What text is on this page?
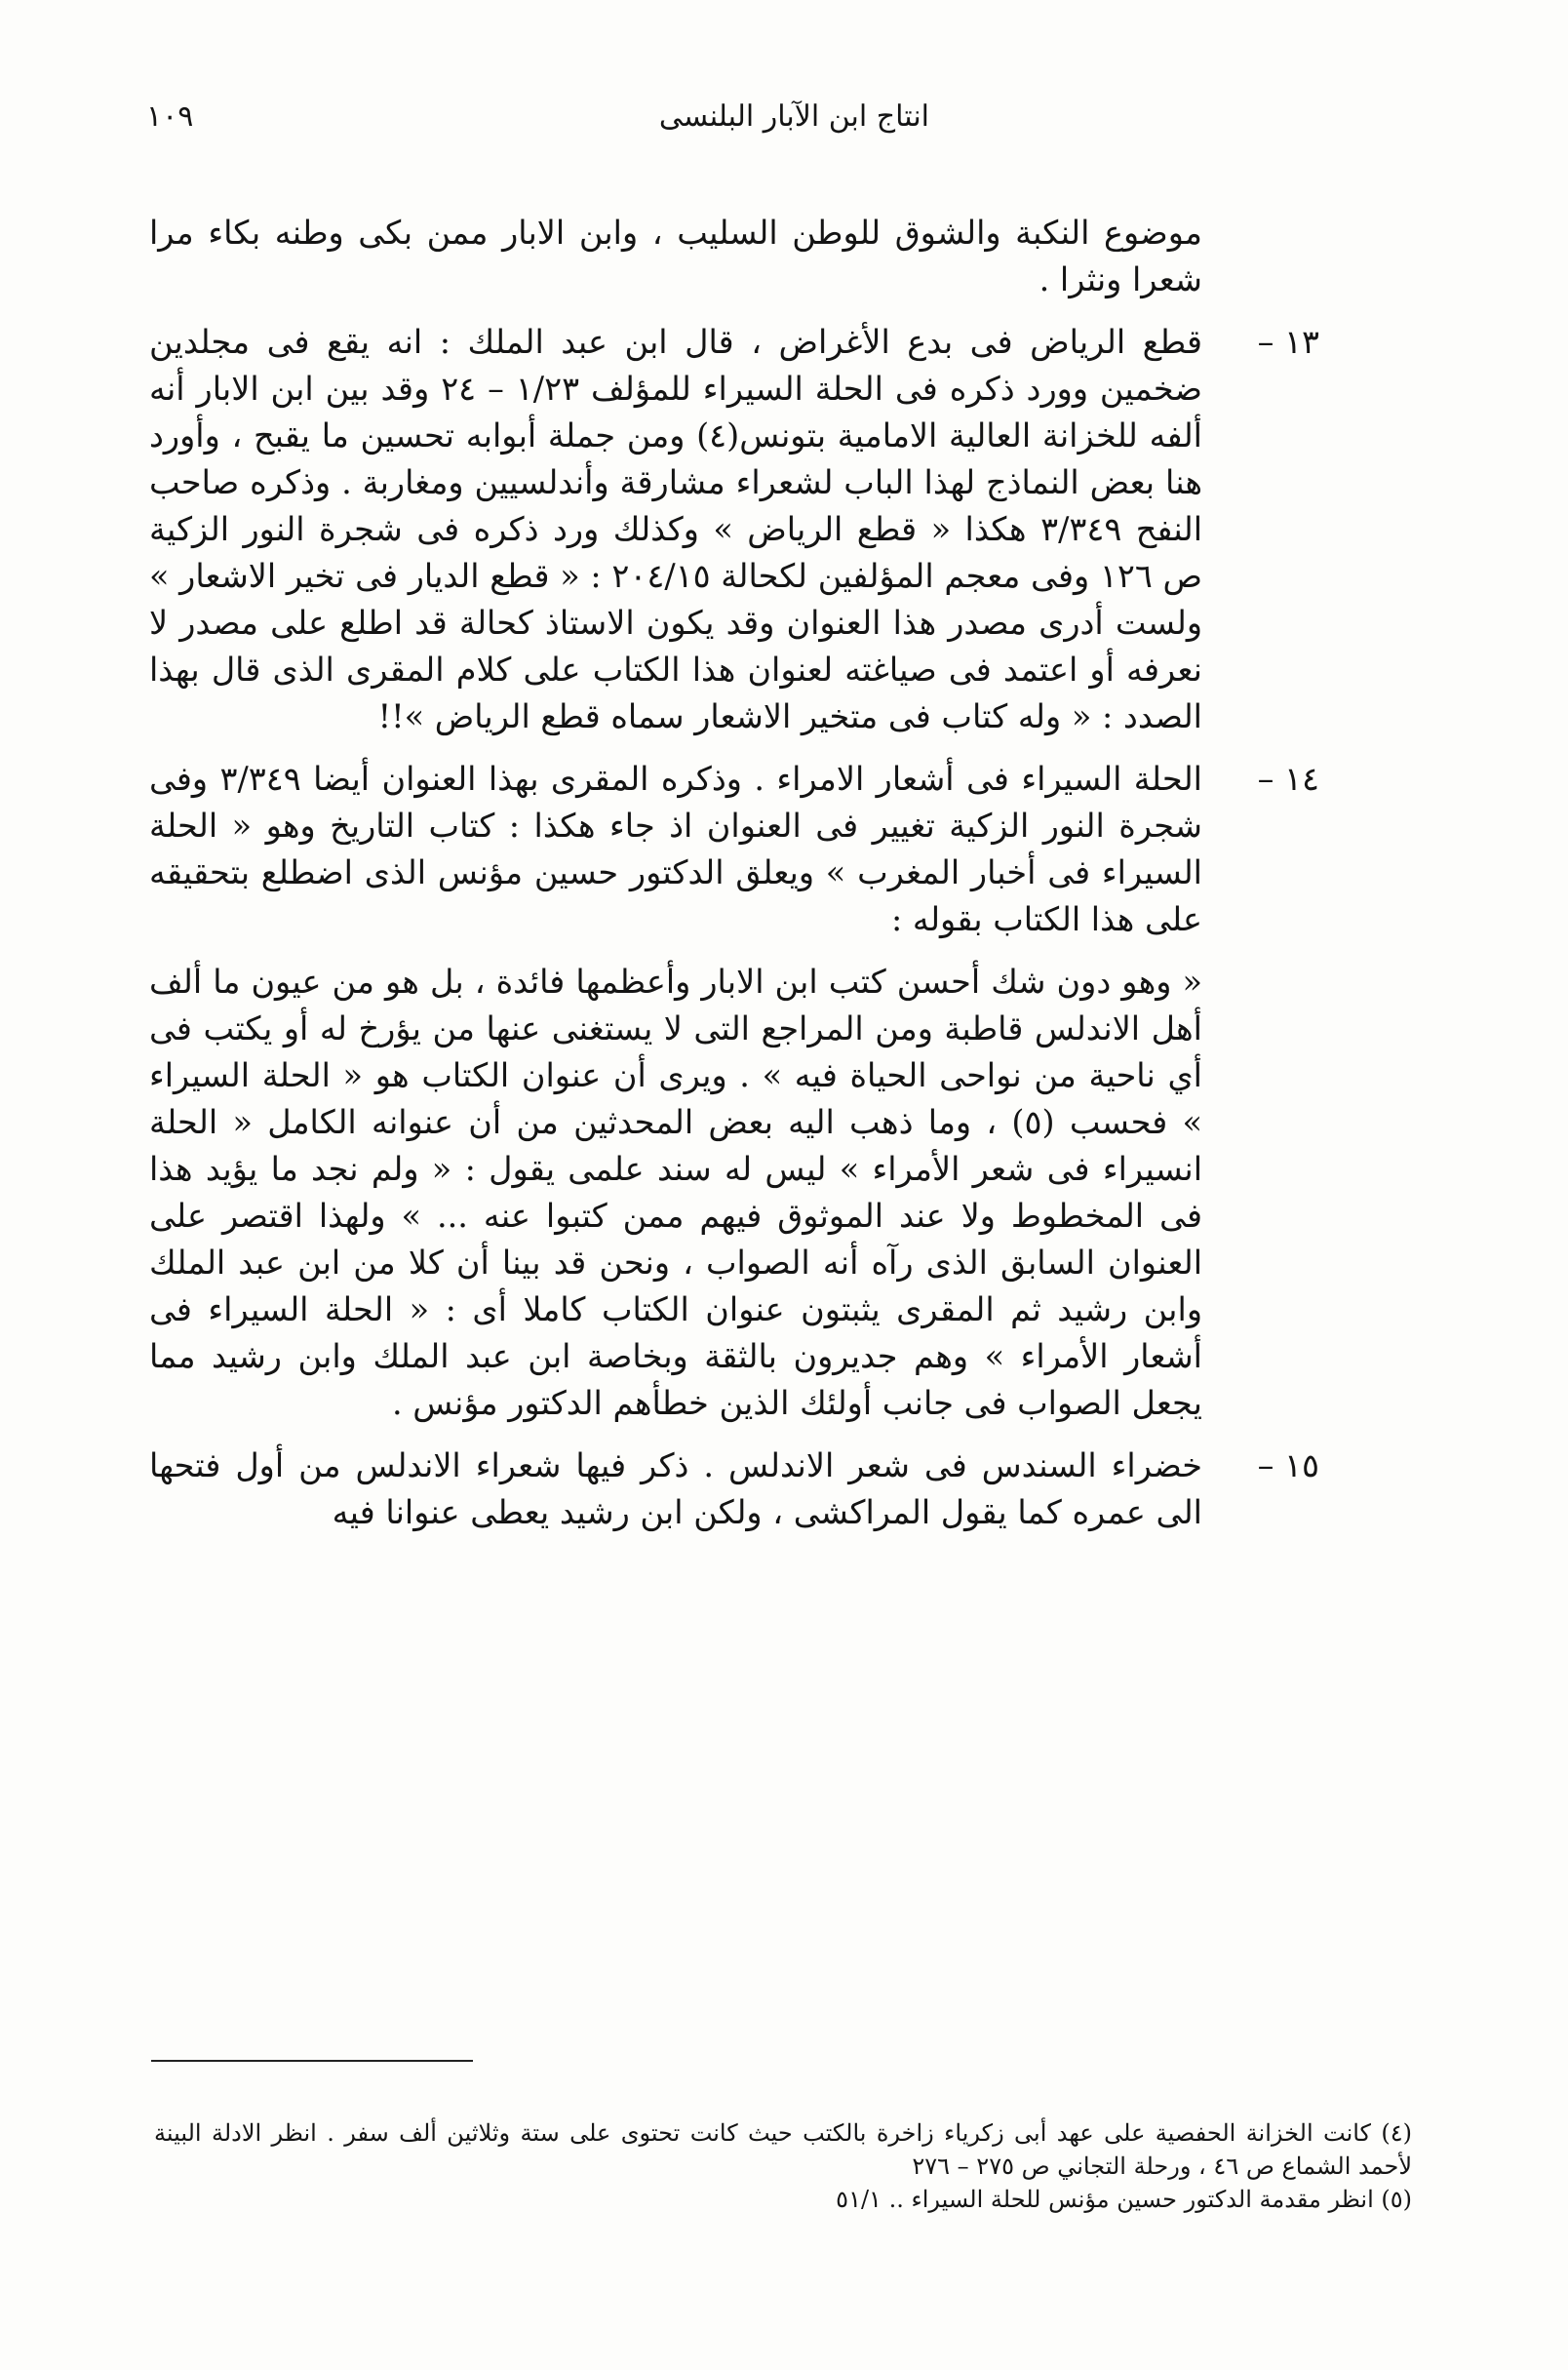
انتاج ابن الآبار البلنسى
١٠٩

موضوع النكبة والشوق للوطن السليب ، وابن الابار ممن بكى وطنه بكاء مرا شعرا ونثرا .

١٣ –
قطع الرياض فى بدع الأغراض ، قال ابن عبد الملك : انه يقع فى مجلدين ضخمين وورد ذكره فى الحلة السيراء للمؤلف ١/٢٣ – ٢٤ وقد بين ابن الابار أنه ألفه للخزانة العالية الامامية بتونس(٤) ومن جملة أبوابه تحسين ما يقبح ، وأورد هنا بعض النماذج لهذا الباب لشعراء مشارقة وأندلسيين ومغاربة . وذكره صاحب النفح ٣/٣٤٩ هكذا « قطع الرياض » وكذلك ورد ذكره فى شجرة النور الزكية ص ١٢٦ وفى معجم المؤلفين لكحالة ٢٠٤/١٥ : « قطع الديار فى تخير الاشعار » ولست أدرى مصدر هذا العنوان وقد يكون الاستاذ كحالة قد اطلع على مصدر لا نعرفه أو اعتمد فى صياغته لعنوان هذا الكتاب على كلام المقرى الذى قال بهذا الصدد : « وله كتاب فى متخير الاشعار سماه قطع الرياض »!!
١٤ –
الحلة السيراء فى أشعار الامراء . وذكره المقرى بهذا العنوان أيضا ٣/٣٤٩ وفى شجرة النور الزكية تغيير فى العنوان اذ جاء هكذا : كتاب التاريخ وهو « الحلة السيراء فى أخبار المغرب » ويعلق الدكتور حسين مؤنس الذى اضطلع بتحقيقه على هذا الكتاب بقوله :

« وهو دون شك أحسن كتب ابن الابار وأعظمها فائدة ، بل هو من عيون ما ألف أهل الاندلس قاطبة ومن المراجع التى لا يستغنى عنها من يؤرخ له أو يكتب فى أي ناحية من نواحى الحياة فيه » . ويرى أن عنوان الكتاب هو « الحلة السيراء » فحسب (٥) ، وما ذهب اليه بعض المحدثين من أن عنوانه الكامل « الحلة انسيراء فى شعر الأمراء » ليس له سند علمى يقول : « ولم نجد ما يؤيد هذا فى المخطوط ولا عند الموثوق فيهم ممن كتبوا عنه ... » ولهذا اقتصر على العنوان السابق الذى رآه أنه الصواب ، ونحن قد بينا أن كلا من ابن عبد الملك وابن رشيد ثم المقرى يثبتون عنوان الكتاب كاملا أى : « الحلة السيراء فى أشعار الأمراء » وهم جديرون بالثقة وبخاصة ابن عبد الملك وابن رشيد مما يجعل الصواب فى جانب أولئك الذين خطأهم الدكتور مؤنس .

١٥ –
خضراء السندس فى شعر الاندلس . ذكر فيها شعراء الاندلس من أول فتحها الى عمره كما يقول المراكشى ، ولكن ابن رشيد يعطى عنوانا فيه

(٤) كانت الخزانة الحفصية على عهد أبى زكرياء زاخرة بالكتب حيث كانت تحتوى على ستة وثلاثين ألف سفر . انظر الادلة البينة لأحمد الشماع ص ٤٦ ، ورحلة التجاني ص ٢٧٥ – ٢٧٦

(٥) انظر مقدمة الدكتور حسين مؤنس للحلة السيراء .. ٥١/١
